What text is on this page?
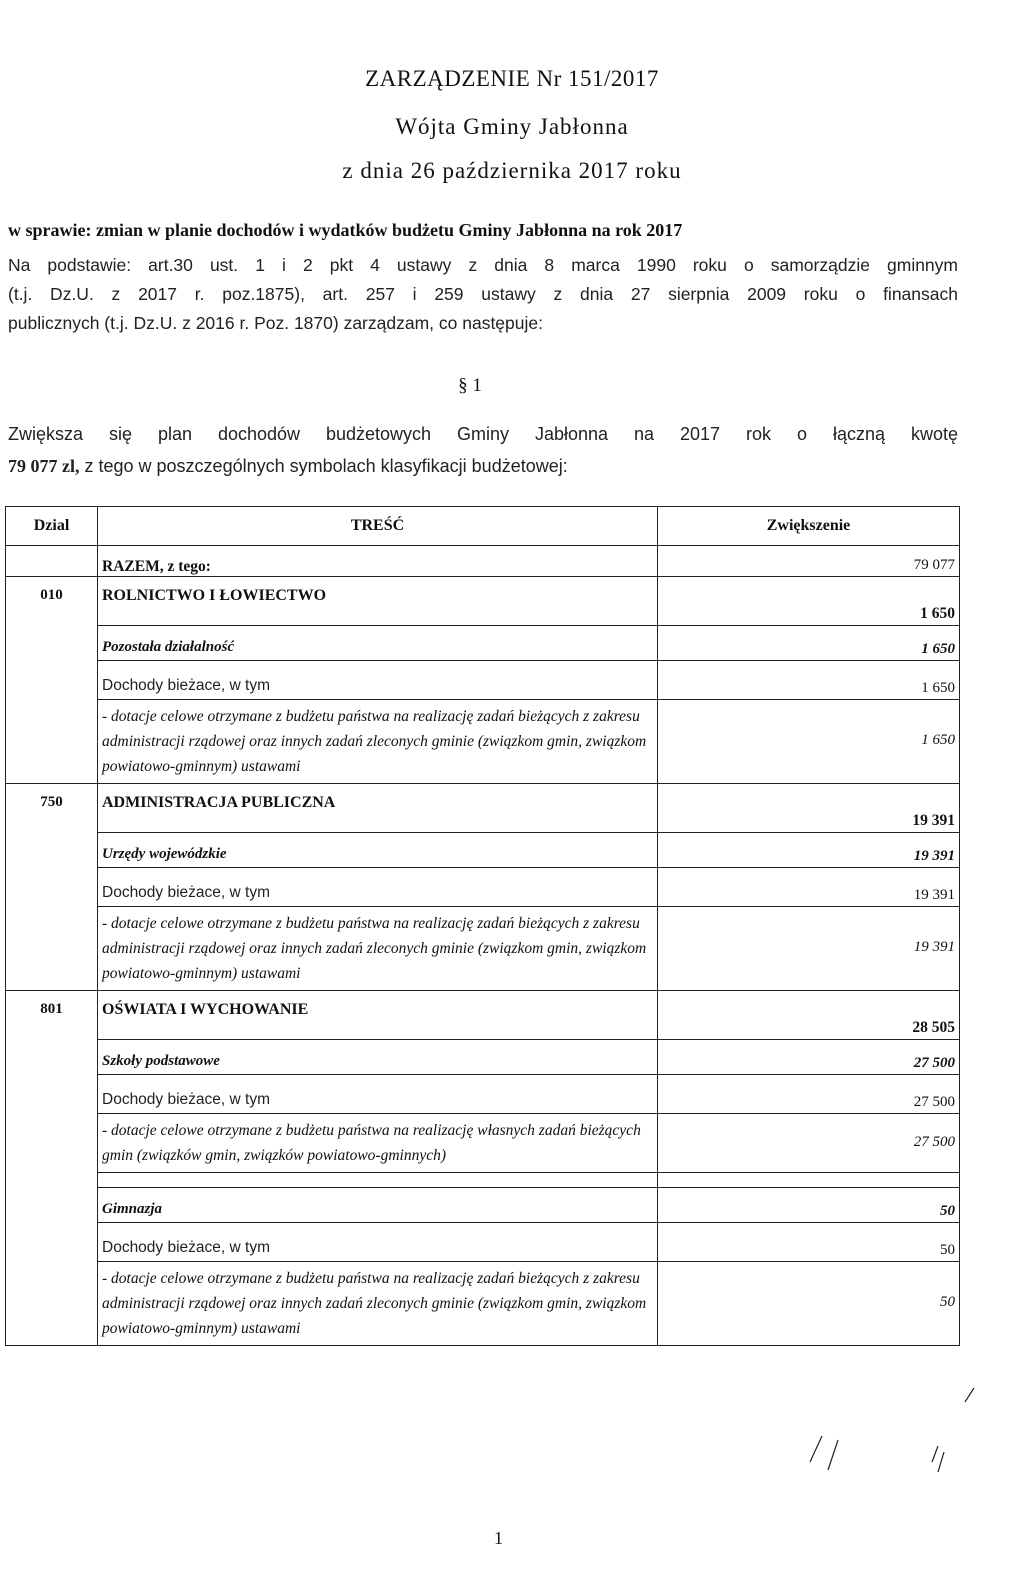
ZARZĄDZENIE Nr 151/2017
Wójta Gminy Jabłonna
z dnia 26 października 2017 roku
w sprawie: zmian w planie dochodów i wydatków budżetu Gminy Jabłonna na rok 2017

Na podstawie: art.30 ust. 1 i 2 pkt 4 ustawy z dnia 8 marca 1990 roku o samorządzie gminnym

(t.j. Dz.U. z 2017 r. poz.1875), art. 257 i 259 ustawy z dnia 27 sierpnia 2009 roku o finansach

publicznych (t.j. Dz.U. z 2016 r. Poz. 1870) zarządzam, co następuje:

§ 1
Zwiększa się plan dochodów budżetowych Gminy Jabłonna na 2017 rok o łączną kwotę
79 077 zl, z tego w poszczególnych symbolach klasyfikacji budżetowej:
Dzial	TREŚĆ	Zwiększenie
	RAZEM, z tego:	79 077
010	ROLNICTWO I ŁOWIECTWO	1 650
	Pozostała działalność	1 650
	Dochody bieżace, w tym	1 650
	- dotacje celowe otrzymane z budżetu państwa na realizację zadań bieżących z zakresu administracji rządowej oraz innych zadań zleconych gminie (związkom gmin, związkom powiatowo-gminnym) ustawami	1 650
750	ADMINISTRACJA PUBLICZNA	19 391
	Urzędy wojewódzkie	19 391
	Dochody bieżace, w tym	19 391
	- dotacje celowe otrzymane z budżetu państwa na realizację zadań bieżących z zakresu administracji rządowej oraz innych zadań zleconych gminie (związkom gmin, związkom powiatowo-gminnym) ustawami	19 391
801	OŚWIATA I WYCHOWANIE	28 505
	Szkoły podstawowe	27 500
	Dochody bieżace, w tym	27 500
	- dotacje celowe otrzymane z budżetu państwa na realizację własnych zadań bieżących gmin (związków gmin, związków powiatowo-gminnych)	27 500

	Gimnazja	50
	Dochody bieżace, w tym	50
	- dotacje celowe otrzymane z budżetu państwa na realizację zadań bieżących z zakresu administracji rządowej oraz innych zadań zleconych gminie (związkom gmin, związkom powiatowo-gminnym) ustawami	50
1
